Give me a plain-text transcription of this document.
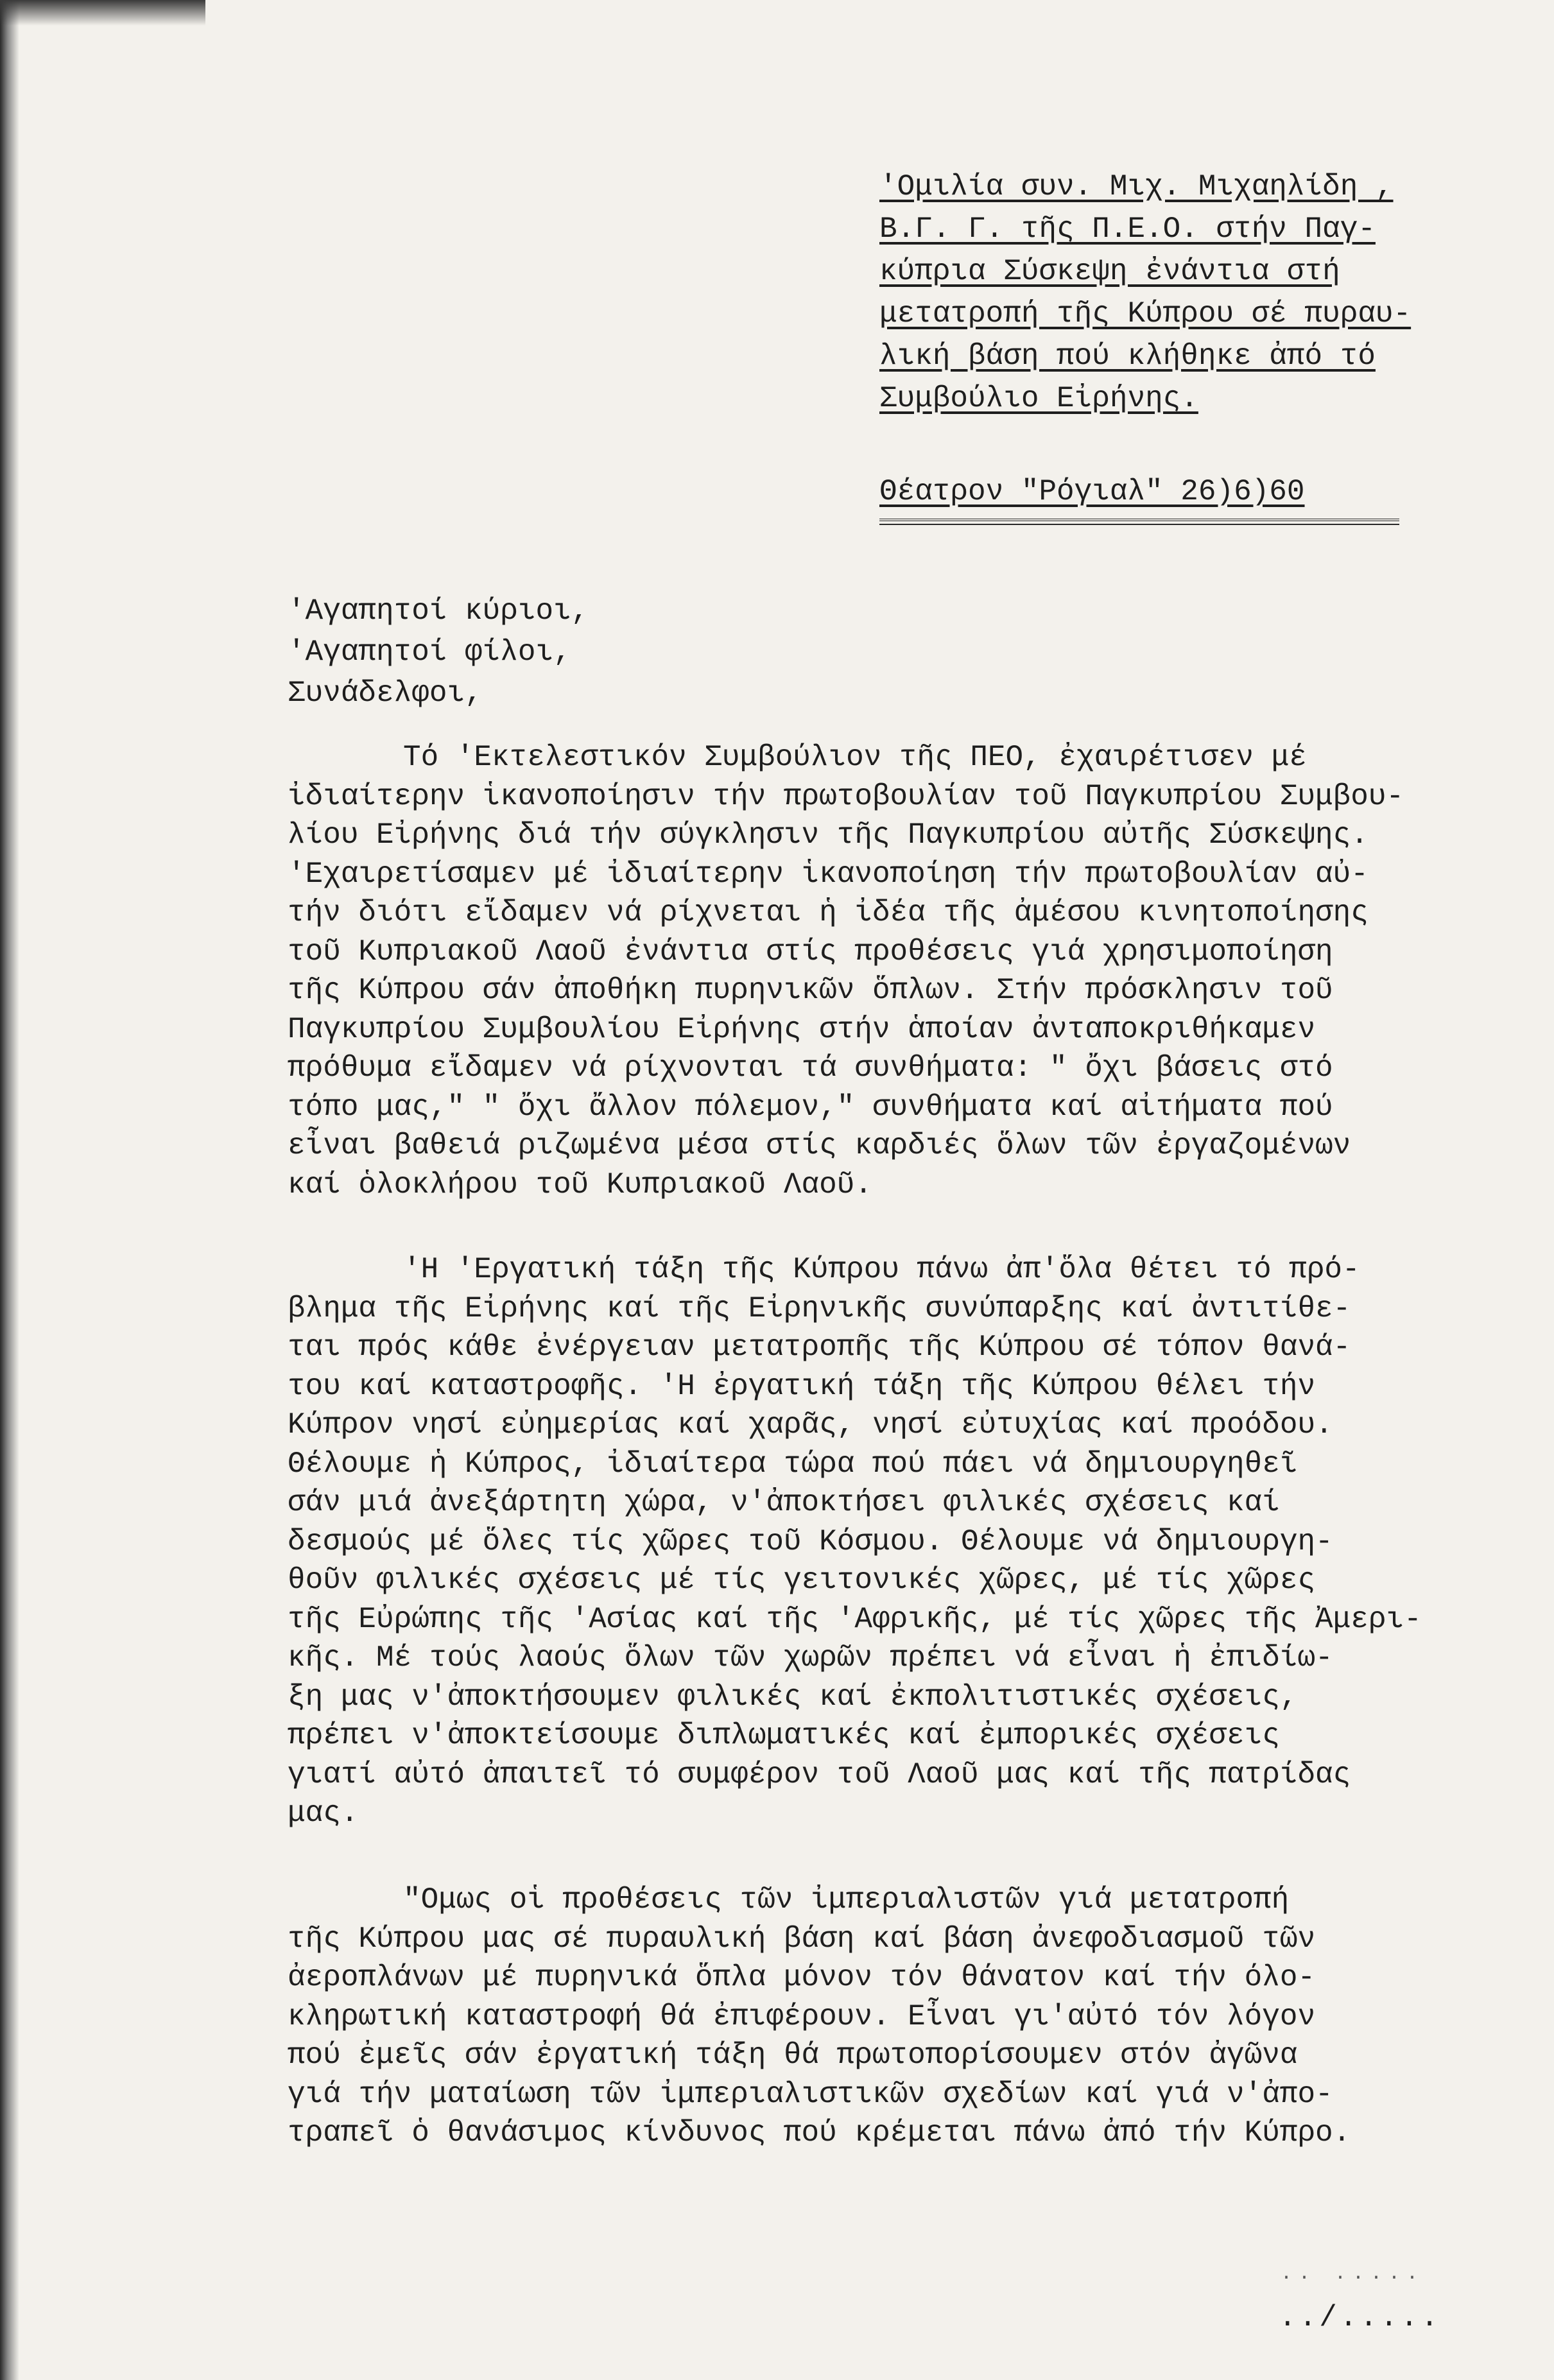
'Ομιλία συν. Μιχ. Μιχαηλίδη ,
Β.Γ. Γ. τῆς Π.Ε.Ο. στήν Παγ-
κύπρια Σύσκεψη ἐνάντια στή
μετατροπή τῆς Κύπρου σέ πυραυ-
λική βάση πού κλήθηκε ἀπό τό
Συμβούλιο Εἰρήνης.
Θέατρον "Ρόγιαλ" 26)6)60
'Αγαπητοί κύριοι,
'Αγαπητοί φίλοι,
Συνάδελφοι,
Τό 'Εκτελεστικόν Συμβούλιον τῆς ΠΕΟ, ἐχαιρέτισεν μέ
ἰδιαίτερην ἱκανοποίησιν τήν πρωτοβουλίαν τοῦ Παγκυπρίου Συμβου-
λίου Εἰρήνης διά τήν σύγκλησιν τῆς Παγκυπρίου αὐτῆς Σύσκεψης.
'Εχαιρετίσαμεν μέ ἰδιαίτερην ἱκανοποίηση τήν πρωτοβουλίαν αὐ-
τήν διότι εἴδαμεν νά ρίχνεται ἡ ἰδέα τῆς ἀμέσου κινητοποίησης
τοῦ Κυπριακοῦ Λαοῦ ἐνάντια στίς προθέσεις γιά χρησιμοποίηση
τῆς Κύπρου σάν ἀποθήκη πυρηνικῶν ὅπλων. Στήν πρόσκλησιν τοῦ
Παγκυπρίου Συμβουλίου Εἰρήνης στήν ἁποίαν ἀνταποκριθήκαμεν
πρόθυμα εἴδαμεν νά ρίχνονται τά συνθήματα: " ὄχι βάσεις στό
τόπο μας," " ὄχι ἄλλον πόλεμον," συνθήματα καί αἰτήματα πού
εἶναι βαθειά ριζωμένα μέσα στίς καρδιές ὅλων τῶν ἐργαζομένων
καί ὁλοκλήρου τοῦ Κυπριακοῦ Λαοῦ.
'Η 'Εργατική τάξη τῆς Κύπρου πάνω ἀπ'ὅλα θέτει τό πρό-
βλημα τῆς Εἰρήνης καί τῆς Εἰρηνικῆς συνύπαρξης καί ἀντιτίθε-
ται πρός κάθε ἐνέργειαν μετατροπῆς τῆς Κύπρου σέ τόπον θανά-
του καί καταστροφῆς. 'Η ἐργατική τάξη τῆς Κύπρου θέλει τήν
Κύπρον νησί εὐημερίας καί χαρᾶς, νησί εὐτυχίας καί προόδου.
Θέλουμε ἡ Κύπρος, ἰδιαίτερα τώρα πού πάει νά δημιουργηθεῖ
σάν μιά ἀνεξάρτητη χώρα, ν'ἀποκτήσει φιλικές σχέσεις καί
δεσμούς μέ ὅλες τίς χῶρες τοῦ Κόσμου. Θέλουμε νά δημιουργη-
θοῦν φιλικές σχέσεις μέ τίς γειτονικές χῶρες, μέ τίς χῶρες
τῆς Εὐρώπης τῆς 'Ασίας καί τῆς 'Αφρικῆς, μέ τίς χῶρες τῆς Ἀμερι-
κῆς. Μέ τούς λαούς ὅλων τῶν χωρῶν πρέπει νά εἶναι ἡ ἐπιδίω-
ξη μας ν'ἀποκτήσουμεν φιλικές καί ἐκπολιτιστικές σχέσεις,
πρέπει ν'ἀποκτείσουμε διπλωματικές καί ἐμπορικές σχέσεις
γιατί αὐτό ἀπαιτεῖ τό συμφέρον τοῦ Λαοῦ μας καί τῆς πατρίδας
μας.
"Ομως οἱ προθέσεις τῶν ἰμπεριαλιστῶν γιά μετατροπή
τῆς Κύπρου μας σέ πυραυλική βάση καί βάση ἀνεφοδιασμοῦ τῶν
ἀεροπλάνων μέ πυρηνικά ὅπλα μόνον τόν θάνατον καί τήν όλο-
κληρωτική καταστροφή θά ἐπιφέρουν. Εἶναι γι'αὐτό τόν λόγον
πού ἐμεῖς σάν ἐργατική τάξη θά πρωτοπορίσουμεν στόν ἀγῶνα
γιά τήν ματαίωση τῶν ἰμπεριαλιστικῶν σχεδίων καί γιά ν'ἀπο-
τραπεῖ ὁ θανάσιμος κίνδυνος πού κρέμεται πάνω ἀπό τήν Κύπρο.
·· ·····
../.....
